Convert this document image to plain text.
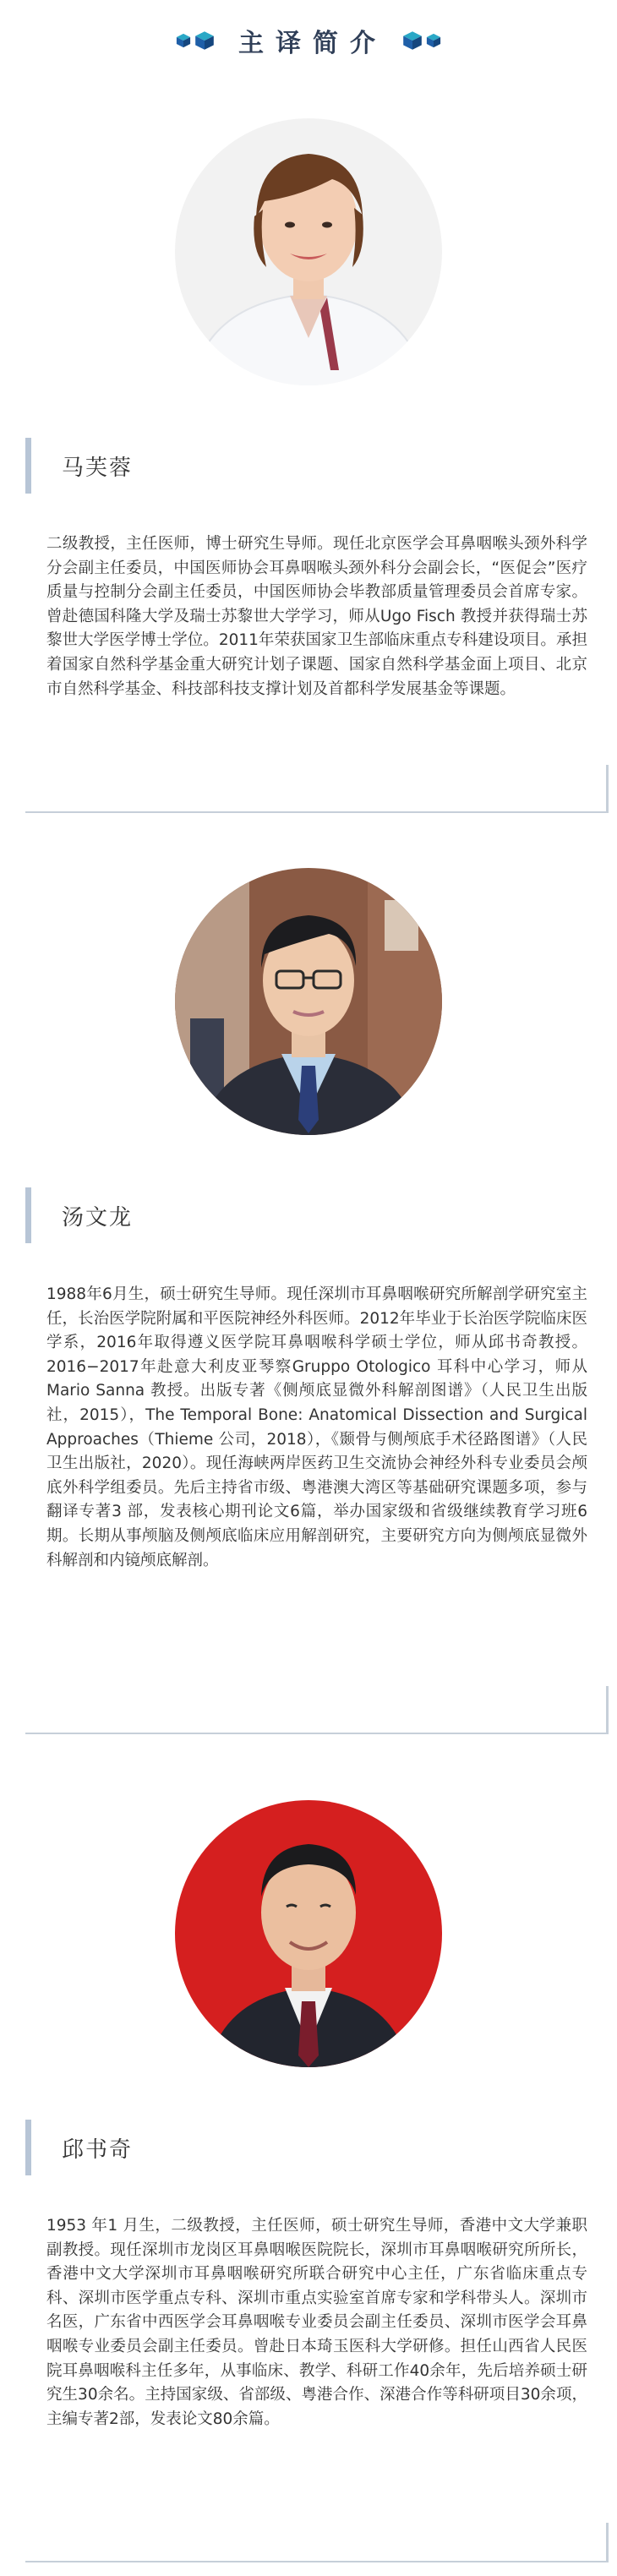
主译简介
马芙蓉

二级教授，主任医师，博士研究生导师。现任北京医学会耳鼻咽喉头颈外科学分会副主任委员，中国医师协会耳鼻咽喉头颈外科分会副会长，“医促会”医疗质量与控制分会副主任委员，中国医师协会毕教部质量管理委员会首席专家。曾赴德国科隆大学及瑞士苏黎世大学学习，师从Ugo Fisch 教授并获得瑞士苏黎世大学医学博士学位。2011年荣获国家卫生部临床重点专科建设项目。承担着国家自然科学基金重大研究计划子课题、国家自然科学基金面上项目、北京市自然科学基金、科技部科技支撑计划及首都科学发展基金等课题。

汤文龙

1988年6月生，硕士研究生导师。现任深圳市耳鼻咽喉研究所解剖学研究室主任，长治医学院附属和平医院神经外科医师。2012年毕业于长治医学院临床医学系，2016年取得遵义医学院耳鼻咽喉科学硕士学位，师从邱书奇教授。2016−2017年赴意大利皮亚琴察Gruppo Otologico 耳科中心学习，师从Mario Sanna 教授。出版专著《侧颅底显微外科解剖图谱》（人民卫生出版社，2015），The Temporal Bone: Anatomical Dissection and Surgical Approaches（Thieme 公司，2018），《颞骨与侧颅底手术径路图谱》（人民卫生出版社，2020）。现任海峡两岸医药卫生交流协会神经外科专业委员会颅底外科学组委员。先后主持省市级、粤港澳大湾区等基础研究课题多项，参与翻译专著3 部，发表核心期刊论文6篇，举办国家级和省级继续教育学习班6 期。长期从事颅脑及侧颅底临床应用解剖研究，主要研究方向为侧颅底显微外科解剖和内镜颅底解剖。

邱书奇

1953 年1 月生，二级教授，主任医师，硕士研究生导师，香港中文大学兼职副教授。现任深圳市龙岗区耳鼻咽喉医院院长，深圳市耳鼻咽喉研究所所长，香港中文大学深圳市耳鼻咽喉研究所联合研究中心主任，广东省临床重点专科、深圳市医学重点专科、深圳市重点实验室首席专家和学科带头人。深圳市名医，广东省中西医学会耳鼻咽喉专业委员会副主任委员、深圳市医学会耳鼻咽喉专业委员会副主任委员。曾赴日本琦玉医科大学研修。担任山西省人民医院耳鼻咽喉科主任多年，从事临床、教学、科研工作40余年，先后培养硕士研究生30余名。主持国家级、省部级、粤港合作、深港合作等科研项目30余项，主编专著2部，发表论文80余篇。
